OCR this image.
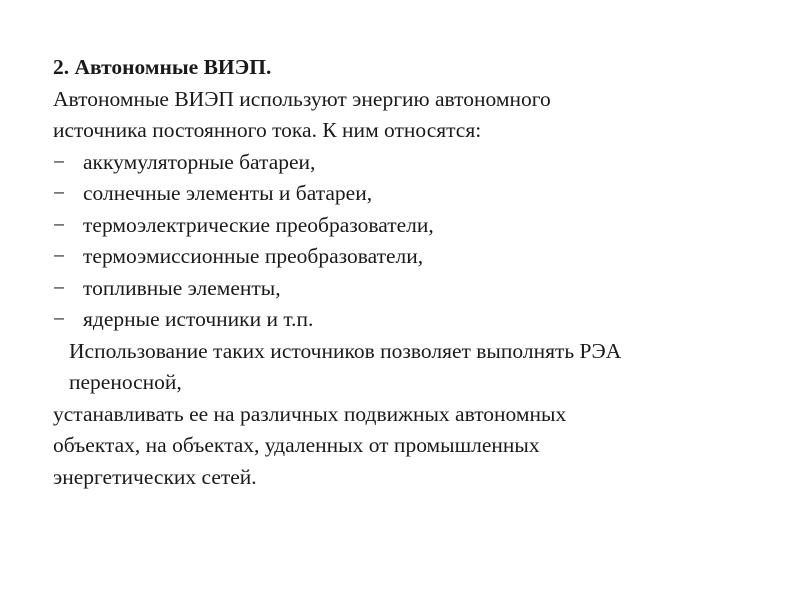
2. Автономные ВИЭП.

Автономные ВИЭП используют энергию автономного

источника постоянного тока. К ним относятся:

− аккумуляторные батареи,
− солнечные элементы и батареи,
− термоэлектрические преобразователи,
− термоэмиссионные преобразователи,
− топливные элементы,
− ядерные источники и т.п.

Использование таких источников позволяет выполнять РЭА

переносной,

устанавливать ее на различных подвижных автономных

объектах, на объектах, удаленных от промышленных

энергетических сетей.
